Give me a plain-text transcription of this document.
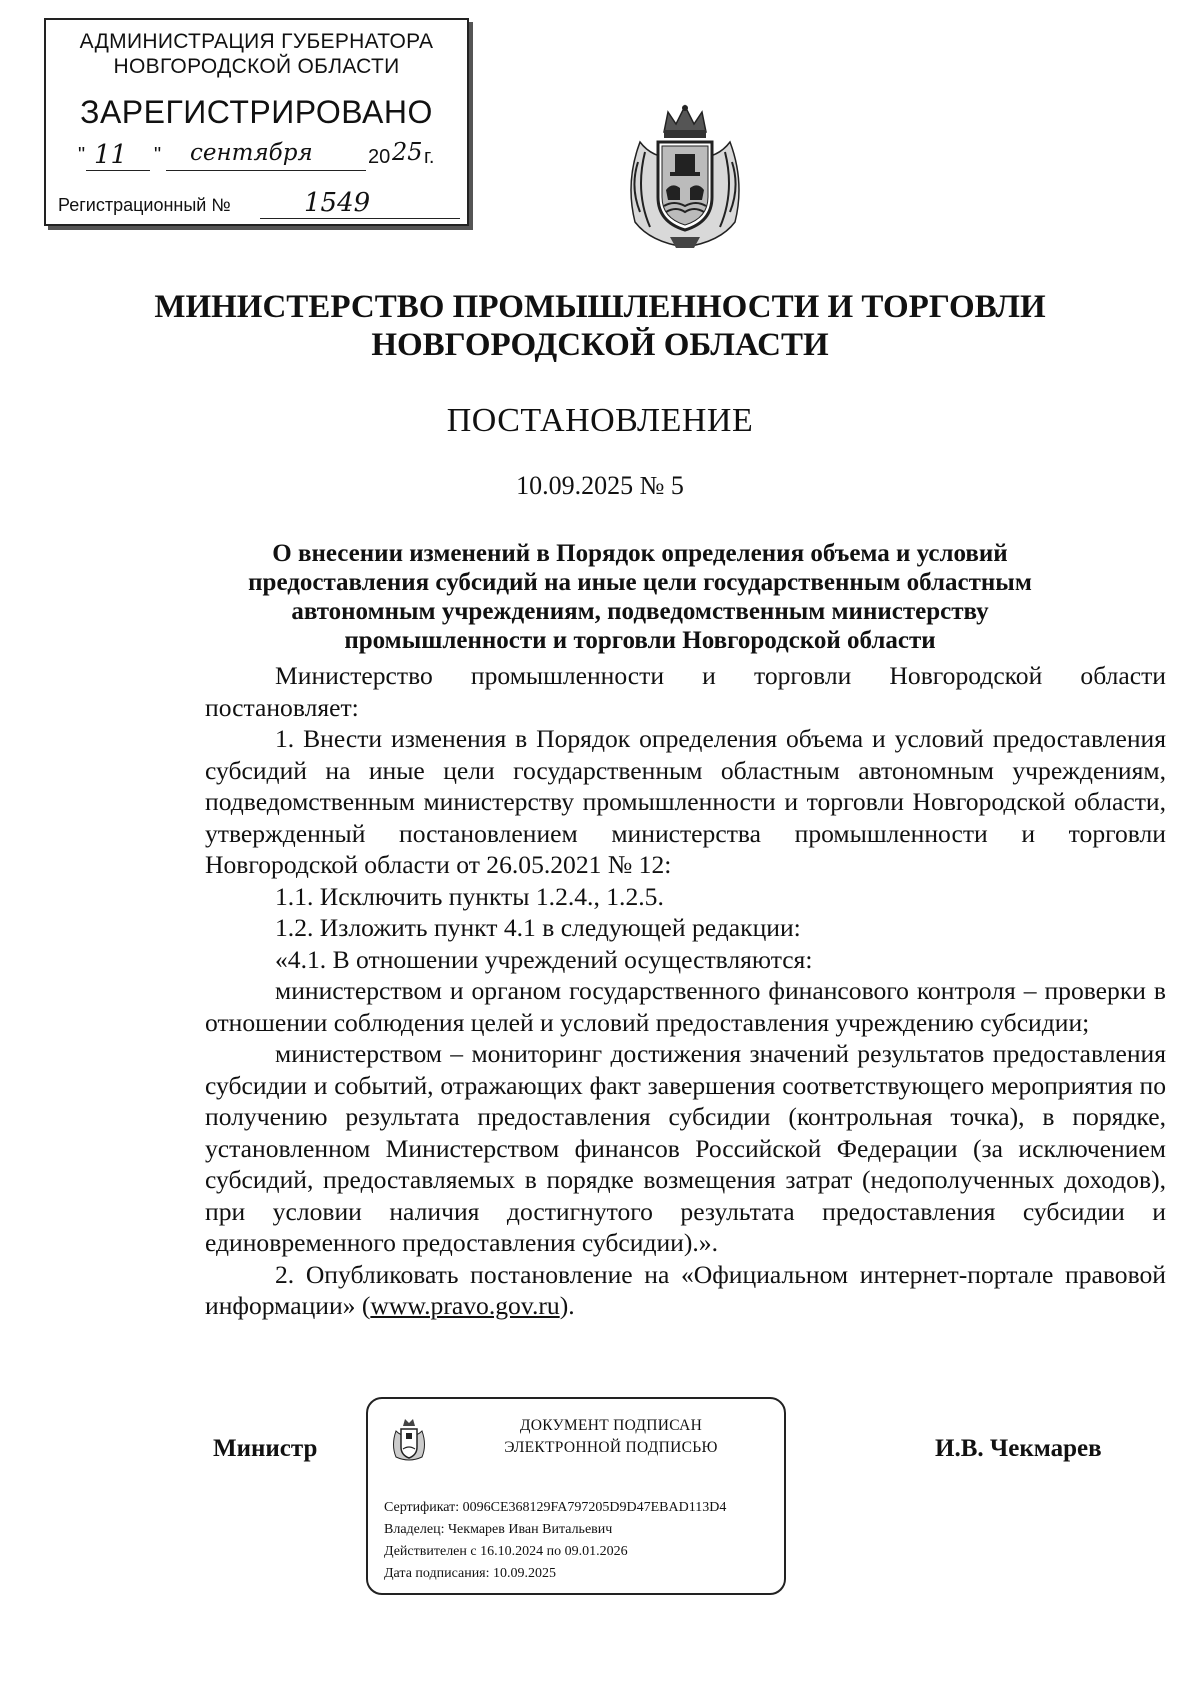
АДМИНИСТРАЦИЯ ГУБЕРНАТОРА
НОВГОРОДСКОЙ ОБЛАСТИ
ЗАРЕГИСТРИРОВАНО
" 11 " сентября	20 25 г.
Регистрационный №	1549
МИНИСТЕРСТВО ПРОМЫШЛЕННОСТИ И ТОРГОВЛИ
НОВГОРОДСКОЙ ОБЛАСТИ
ПОСТАНОВЛЕНИЕ
10.09.2025 № 5
О внесении изменений в Порядок определения объема и условий предоставления субсидий на иные цели государственным областным автономным учреждениям, подведомственным министерству промышленности и торговли Новгородской области

Министерство промышленности и торговли Новгородской области постановляет:

1. Внести изменения в Порядок определения объема и условий предоставления субсидий на иные цели государственным областным автономным учреждениям, подведомственным министерству промышленности и торговли Новгородской области, утвержденный постановлением министерства промышленности и торговли Новгородской области от 26.05.2021 № 12:

1.1. Исключить пункты 1.2.4., 1.2.5.

1.2. Изложить пункт 4.1 в следующей редакции:

«4.1. В отношении учреждений осуществляются:

министерством и органом государственного финансового контроля – проверки в отношении соблюдения целей и условий предоставления учреждению субсидии;

министерством – мониторинг достижения значений результатов предоставления субсидии и событий, отражающих факт завершения соответствующего мероприятия по получению результата предоставления субсидии (контрольная точка), в порядке, установленном Министерством финансов Российской Федерации (за исключением субсидий, предоставляемых в порядке возмещения затрат (недополученных доходов), при условии наличия достигнутого результата предоставления субсидии и единовременного предоставления субсидии).».

2. Опубликовать постановление на «Официальном интернет-портале правовой информации» (www.pravo.gov.ru).

Министр	И.В. Чекмарев
ДОКУМЕНТ ПОДПИСАН
ЭЛЕКТРОННОЙ ПОДПИСЬЮ
Сертификат: 0096CE368129FA797205D9D47EBAD113D4
Владелец: Чекмарев Иван Витальевич
Действителен с 16.10.2024 по 09.01.2026
Дата подписания: 10.09.2025
